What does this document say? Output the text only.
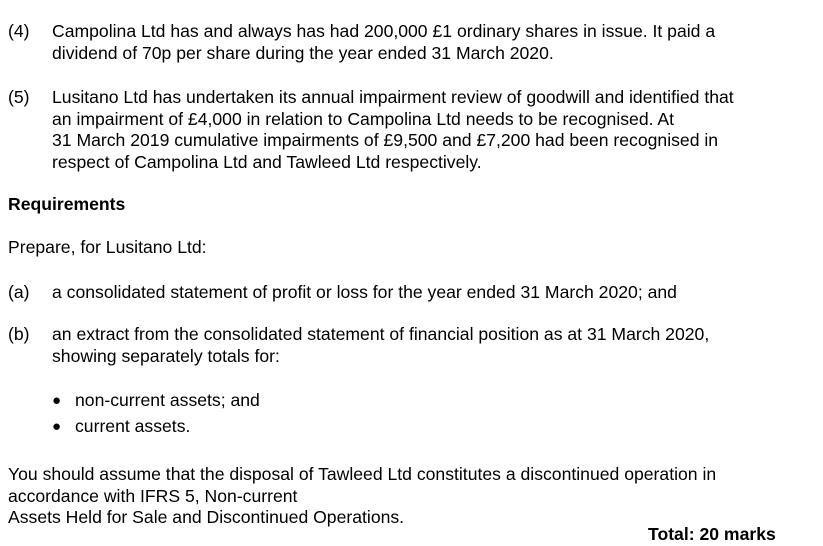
(4) Campolina Ltd has and always has had 200,000 £1 ordinary shares in issue. It paid a
dividend of 70p per share during the year ended 31 March 2020.
(5) Lusitano Ltd has undertaken its annual impairment review of goodwill and identified that
an impairment of £4,000 in relation to Campolina Ltd needs to be recognised. At
31 March 2019 cumulative impairments of £9,500 and £7,200 had been recognised in
respect of Campolina Ltd and Tawleed Ltd respectively.
Requirements
Prepare, for Lusitano Ltd:
(a) a consolidated statement of profit or loss for the year ended 31 March 2020; and
(b) an extract from the consolidated statement of financial position as at 31 March 2020,
showing separately totals for:
● non-current assets; and
● current assets.
You should assume that the disposal of Tawleed Ltd constitutes a discontinued operation in
accordance with IFRS 5, Non-current
Assets Held for Sale and Discontinued Operations.
Total: 20 marks
